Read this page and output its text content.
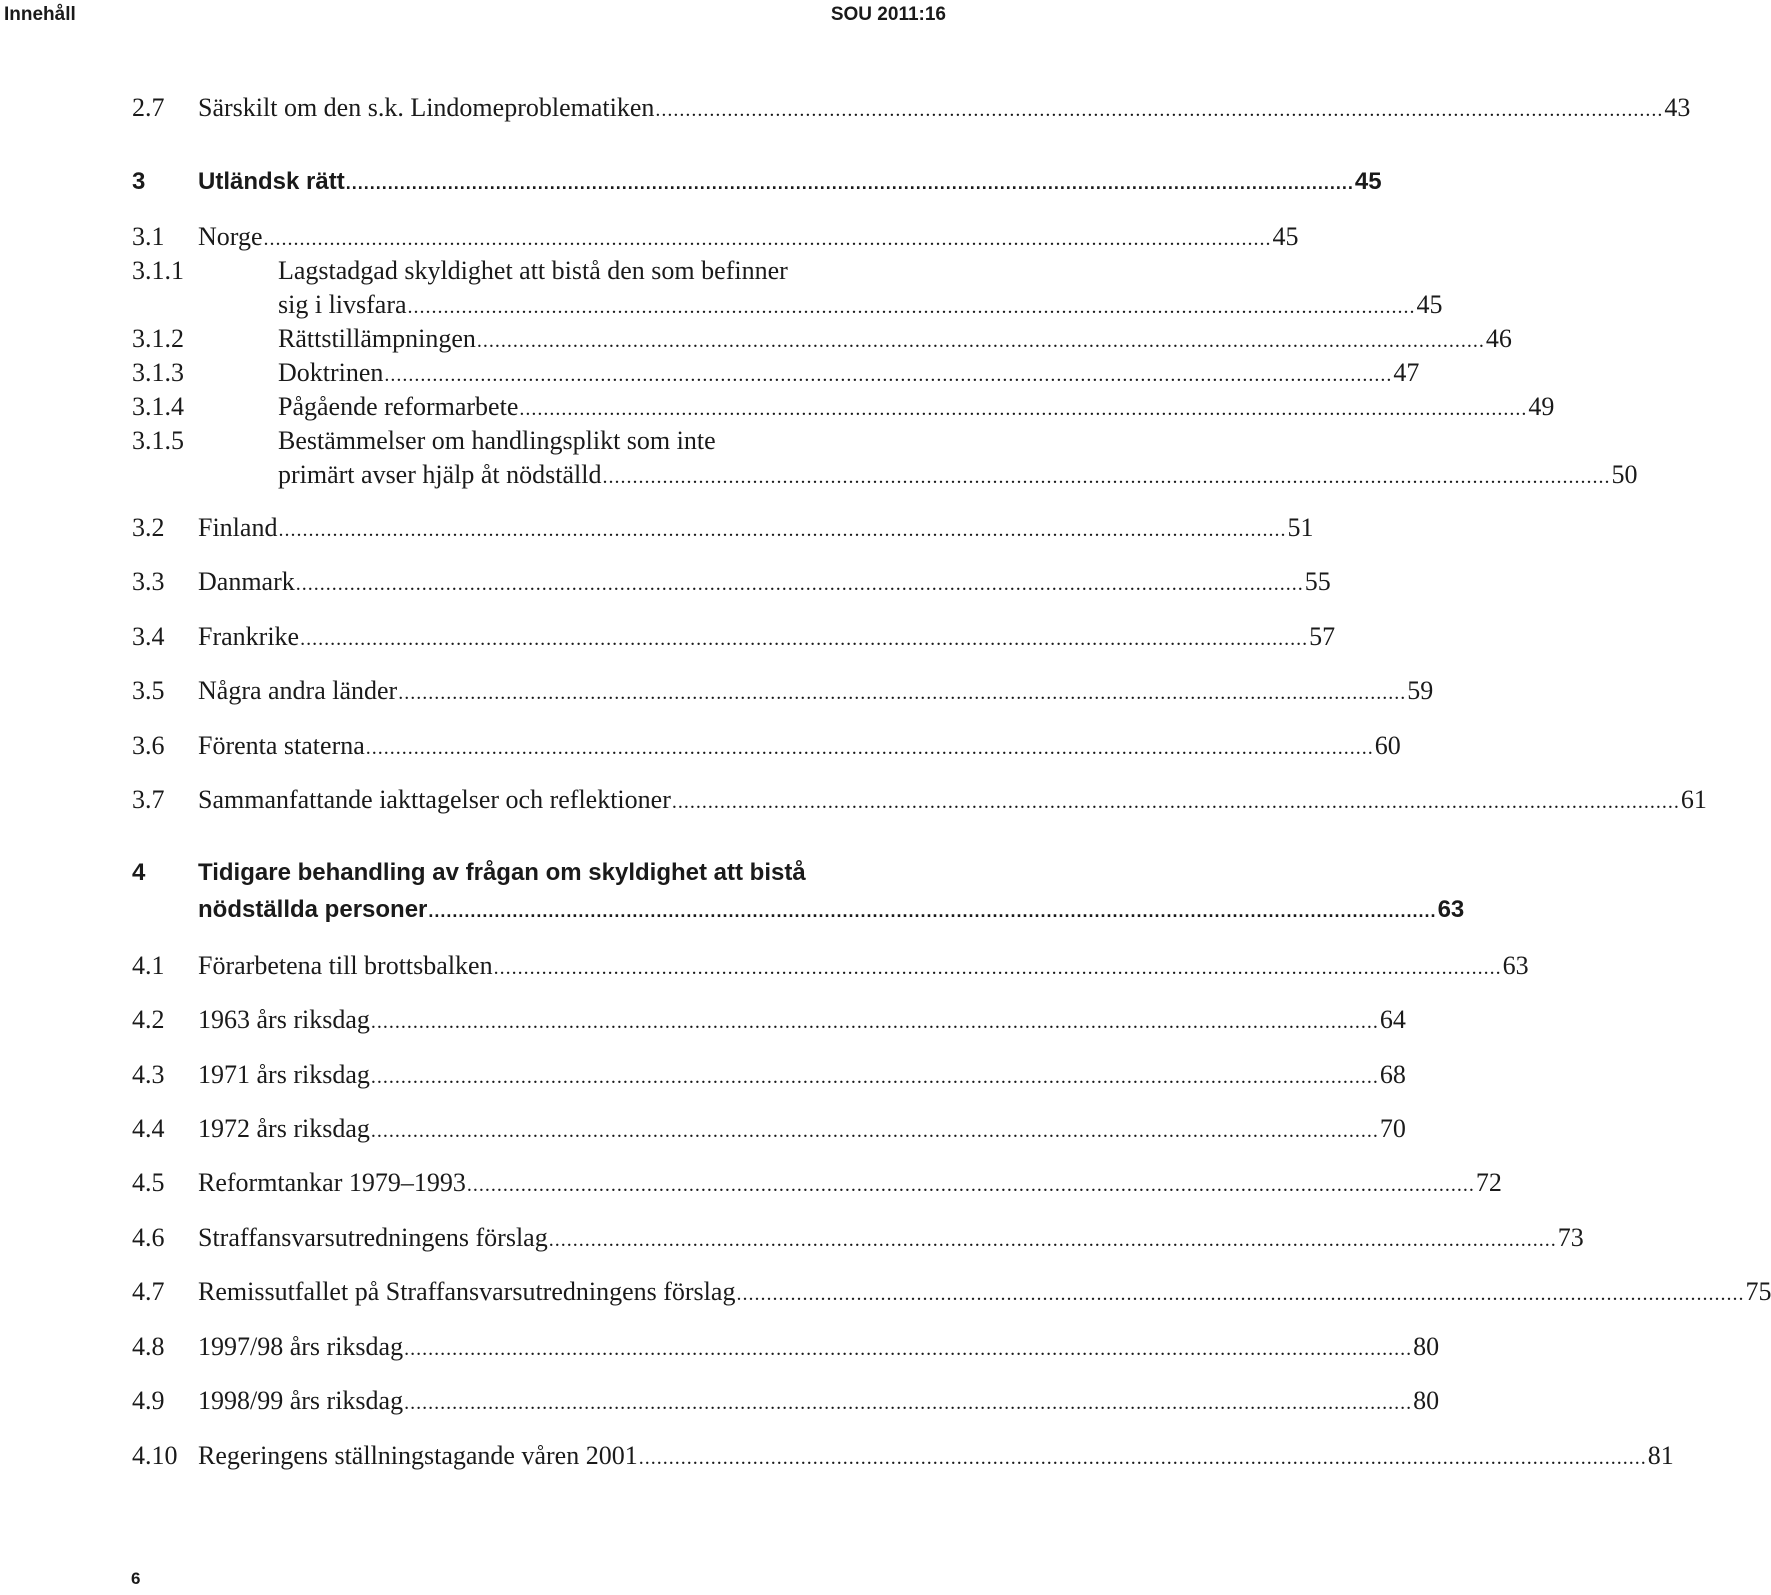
Innehåll	SOU 2011:16
2.7 Särskilt om den s.k. Lindomeproblematiken ........................................................................................................................................................................ 43
3 Utländsk rätt ........................................................................................................................................................................ 45
3.1 Norge ........................................................................................................................................................................ 45
3.1.1	Lagstadgad skyldighet att bistå den som befinner
sig i livsfara ........................................................................................................................................................................ 45
3.1.2	Rättstillämpningen ........................................................................................................................................................................ 46
3.1.3	Doktrinen ........................................................................................................................................................................ 47
3.1.4	Pågående reformarbete ........................................................................................................................................................................ 49
3.1.5	Bestämmelser om handlingsplikt som inte
primärt avser hjälp åt nödställd ........................................................................................................................................................................ 50
3.2 Finland ........................................................................................................................................................................ 51
3.3 Danmark ........................................................................................................................................................................ 55
3.4 Frankrike ........................................................................................................................................................................ 57
3.5 Några andra länder ........................................................................................................................................................................ 59
3.6 Förenta staterna ........................................................................................................................................................................ 60
3.7 Sammanfattande iakttagelser och reflektioner ........................................................................................................................................................................ 61
4 Tidigare behandling av frågan om skyldighet att bistå
nödställda personer ........................................................................................................................................................................ 63
4.1 Förarbetena till brottsbalken ........................................................................................................................................................................ 63
4.2 1963 års riksdag ........................................................................................................................................................................ 64
4.3 1971 års riksdag ........................................................................................................................................................................ 68
4.4 1972 års riksdag ........................................................................................................................................................................ 70
4.5 Reformtankar 1979–1993 ........................................................................................................................................................................ 72
4.6 Straffansvarsutredningens förslag ........................................................................................................................................................................ 73
4.7 Remissutfallet på Straffansvarsutredningens förslag ........................................................................................................................................................................ 75
4.8 1997/98 års riksdag ........................................................................................................................................................................ 80
4.9 1998/99 års riksdag ........................................................................................................................................................................ 80
4.10 Regeringens ställningstagande våren 2001 ........................................................................................................................................................................ 81
6
